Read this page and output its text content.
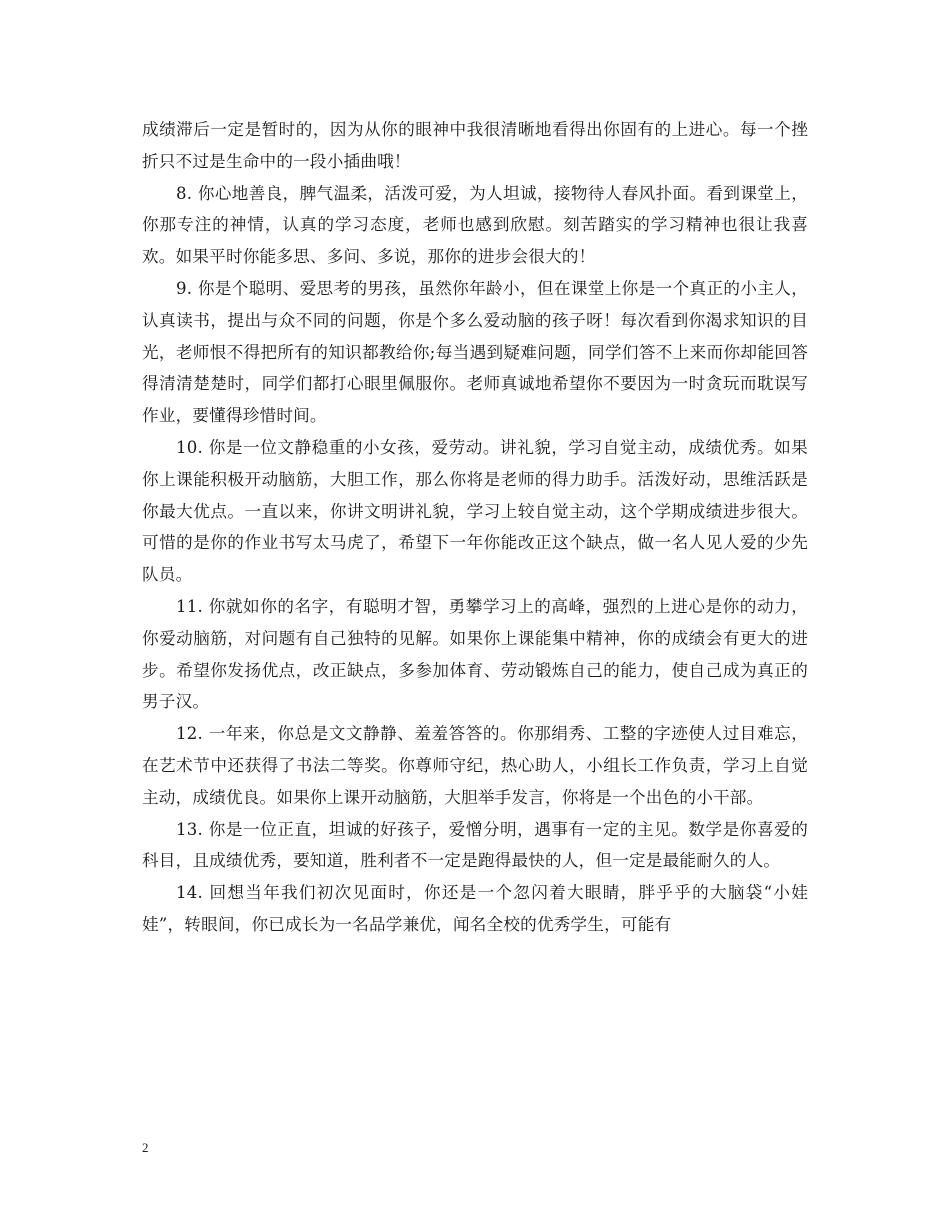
成绩滞后一定是暂时的，因为从你的眼神中我很清晰地看得出你固有的上进心。每一个挫折只不过是生命中的一段小插曲哦！

8. 你心地善良，脾气温柔，活泼可爱，为人坦诚，接物待人春风扑面。看到课堂上，你那专注的神情，认真的学习态度，老师也感到欣慰。刻苦踏实的学习精神也很让我喜欢。如果平时你能多思、多问、多说，那你的进步会很大的！

9. 你是个聪明、爱思考的男孩，虽然你年龄小，但在课堂上你是一个真正的小主人，认真读书，提出与众不同的问题，你是个多么爱动脑的孩子呀！每次看到你渴求知识的目光，老师恨不得把所有的知识都教给你;每当遇到疑难问题，同学们答不上来而你却能回答得清清楚楚时，同学们都打心眼里佩服你。老师真诚地希望你不要因为一时贪玩而耽误写作业，要懂得珍惜时间。

10. 你是一位文静稳重的小女孩，爱劳动。讲礼貌，学习自觉主动，成绩优秀。如果你上课能积极开动脑筋，大胆工作，那么你将是老师的得力助手。活泼好动，思维活跃是你最大优点。一直以来，你讲文明讲礼貌，学习上较自觉主动，这个学期成绩进步很大。可惜的是你的作业书写太马虎了，希望下一年你能改正这个缺点，做一名人见人爱的少先队员。

11. 你就如你的名字，有聪明才智，勇攀学习上的高峰，强烈的上进心是你的动力，你爱动脑筋，对问题有自己独特的见解。如果你上课能集中精神，你的成绩会有更大的进步。希望你发扬优点，改正缺点，多参加体育、劳动锻炼自己的能力，使自己成为真正的男子汉。

12. 一年来，你总是文文静静、羞羞答答的。你那绢秀、工整的字迹使人过目难忘，在艺术节中还获得了书法二等奖。你尊师守纪，热心助人，小组长工作负责，学习上自觉主动，成绩优良。如果你上课开动脑筋，大胆举手发言，你将是一个出色的小干部。

13. 你是一位正直，坦诚的好孩子，爱憎分明，遇事有一定的主见。数学是你喜爱的科目，且成绩优秀，要知道，胜利者不一定是跑得最快的人，但一定是最能耐久的人。

14. 回想当年我们初次见面时，你还是一个忽闪着大眼睛，胖乎乎的大脑袋“小娃娃”，转眼间，你已成长为一名品学兼优，闻名全校的优秀学生，可能有

2
